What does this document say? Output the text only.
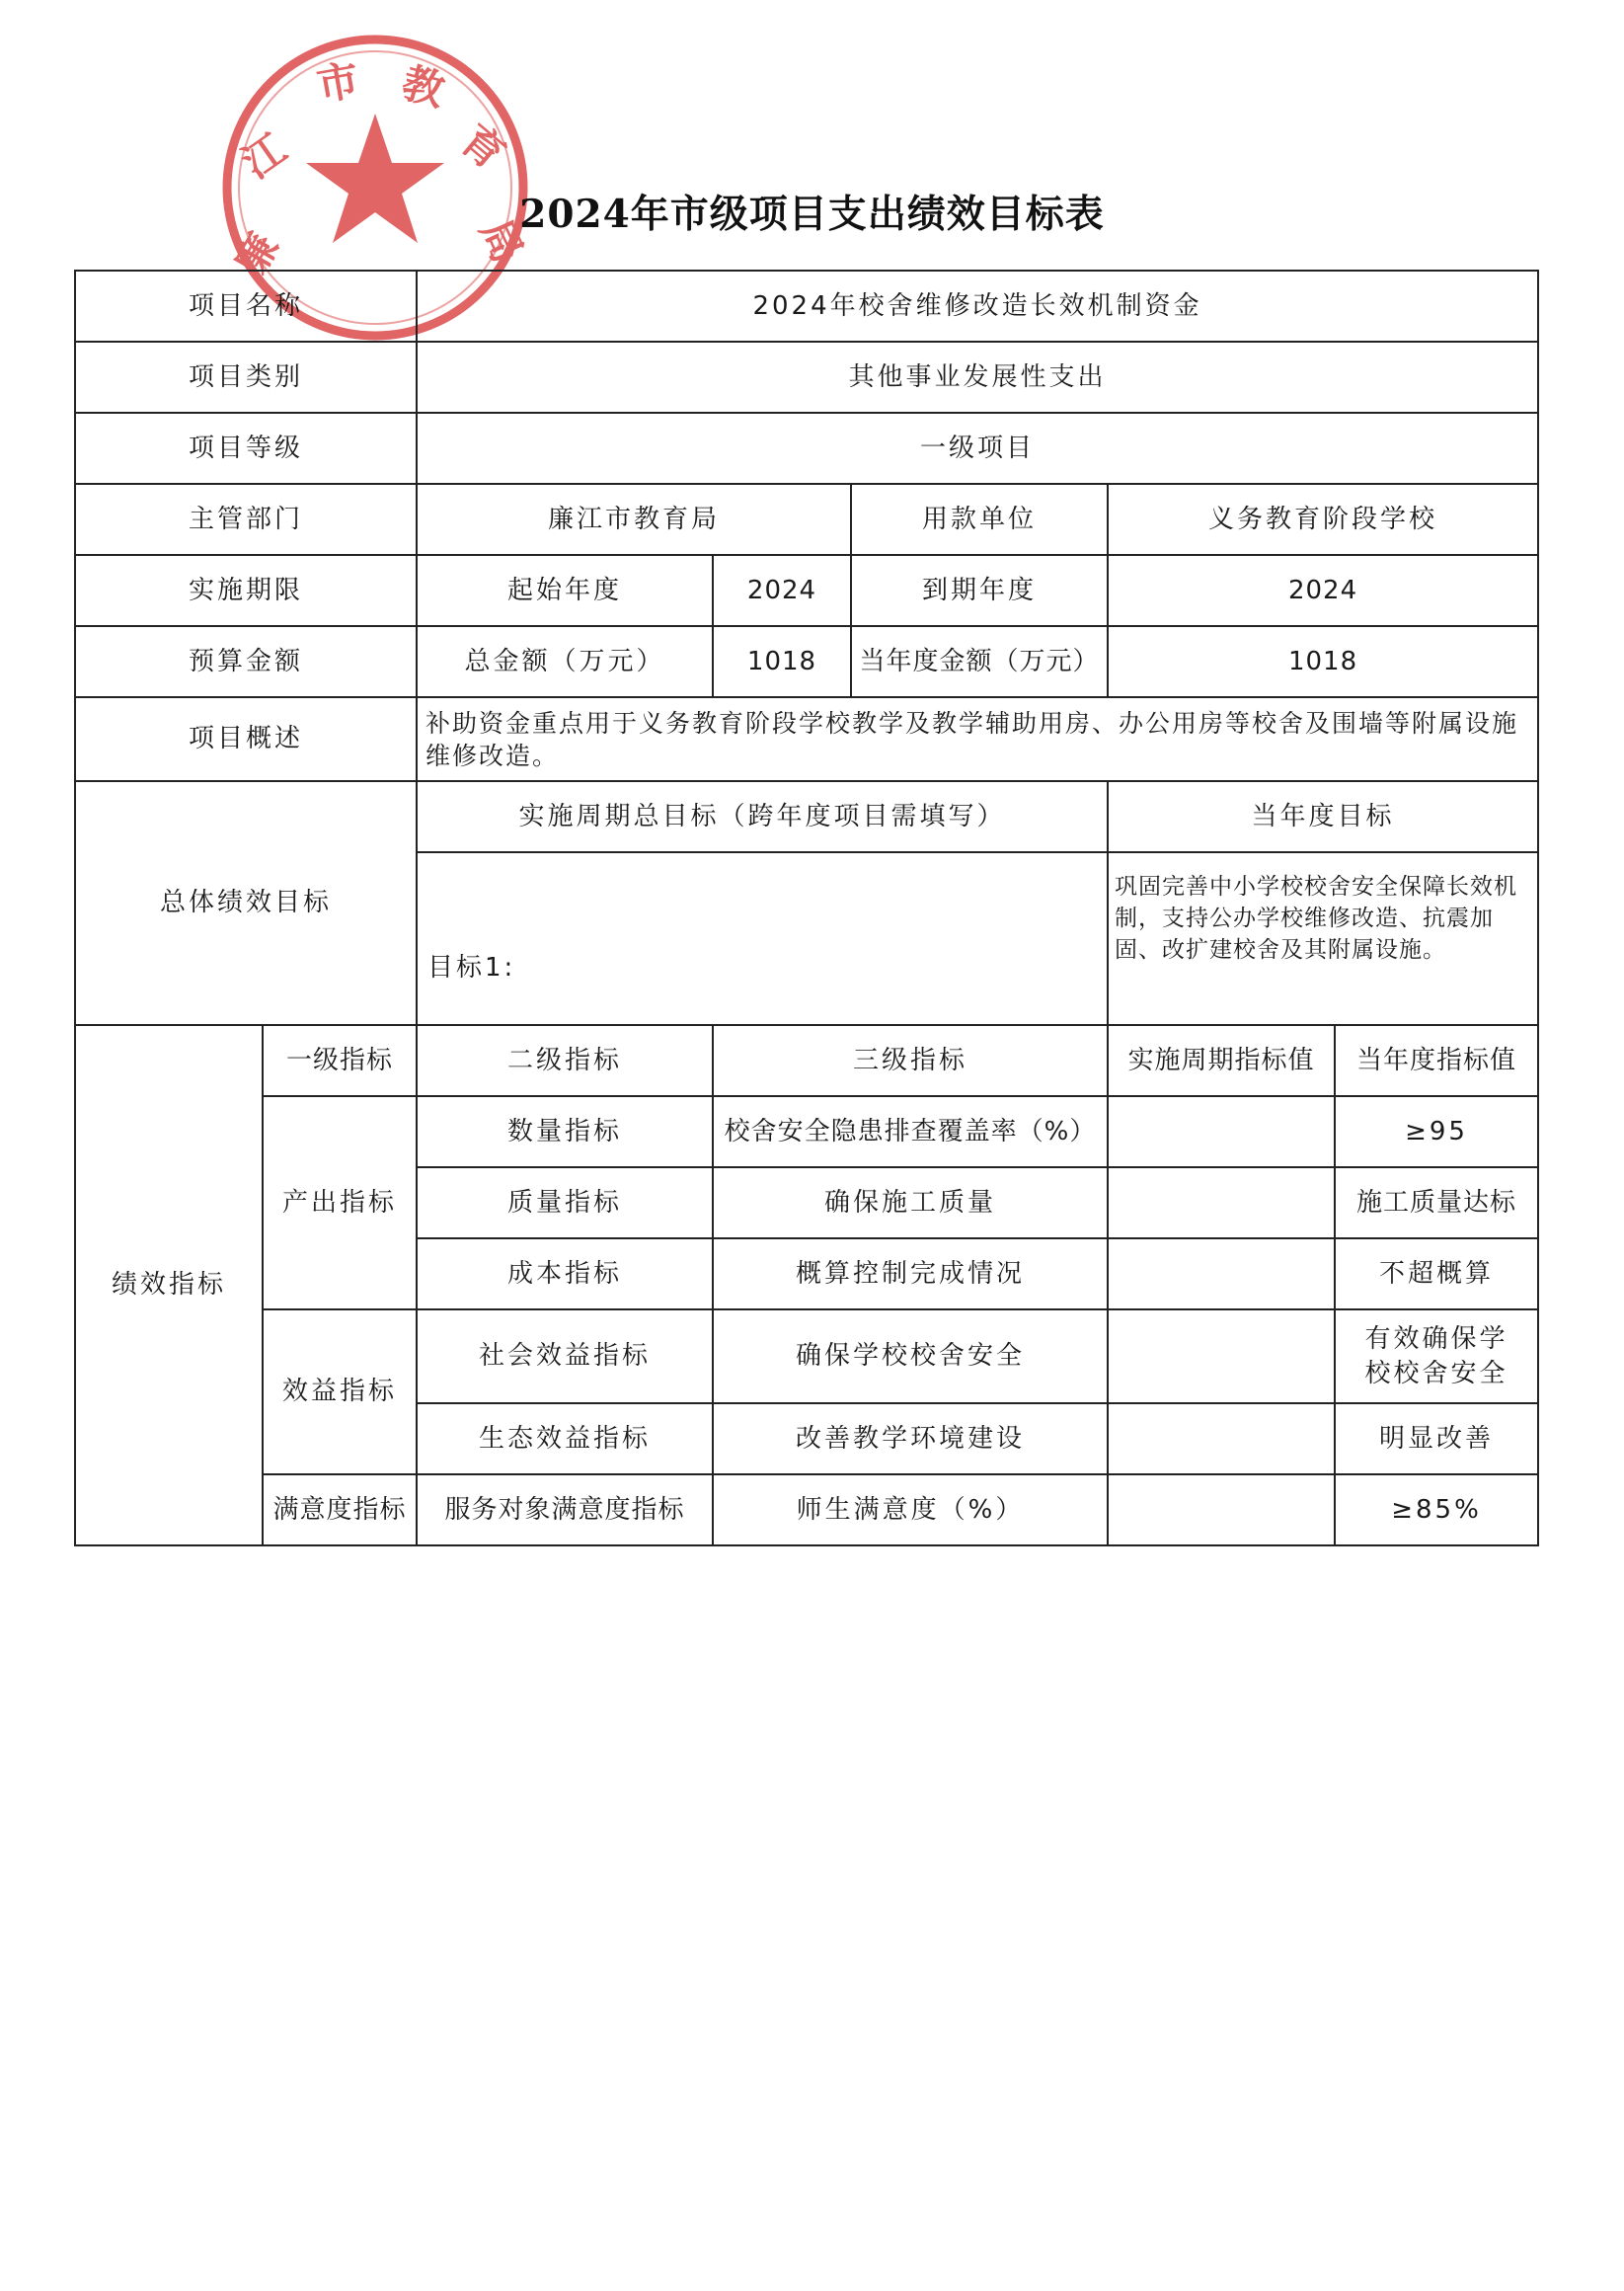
廉
江
市 教
育
局
2024年市级项目支出绩效目标表
项目名称		2024年校舍维修改造长效机制资金				
项目类别		其他事业发展性支出				
项目等级		一级项目				
主管部门		廉江市教育局		用款单位	义务教育阶段学校	
实施期限		起始年度	2024	到期年度	2024	
预算金额		总金额（万元）	1018	当年度金额（万元）	1018	
项目概述		补助资金重点用于义务教育阶段学校教学及教学辅助用房、办公用房等校舍及围墙等附属设施维修改造。				
总体绩效目标		实施周期总目标（跨年度项目需填写）			当年度目标	
		目标1:			巩固完善中小学校校舍安全保障长效机制，支持公办学校维修改造、抗震加固、改扩建校舍及其附属设施。	
绩效指标	一级指标	二级指标	三级指标		实施周期指标值	当年度指标值
	产出指标	数量指标	校舍安全隐患排查覆盖率（%）			≥95
		质量指标	确保施工质量			施工质量达标
		成本指标	概算控制完成情况			不超概算
	效益指标	社会效益指标	确保学校校舍安全			有效确保学校校舍安全
		生态效益指标	改善教学环境建设			明显改善
	满意度指标	服务对象满意度指标	师生满意度（%）			≥85%
